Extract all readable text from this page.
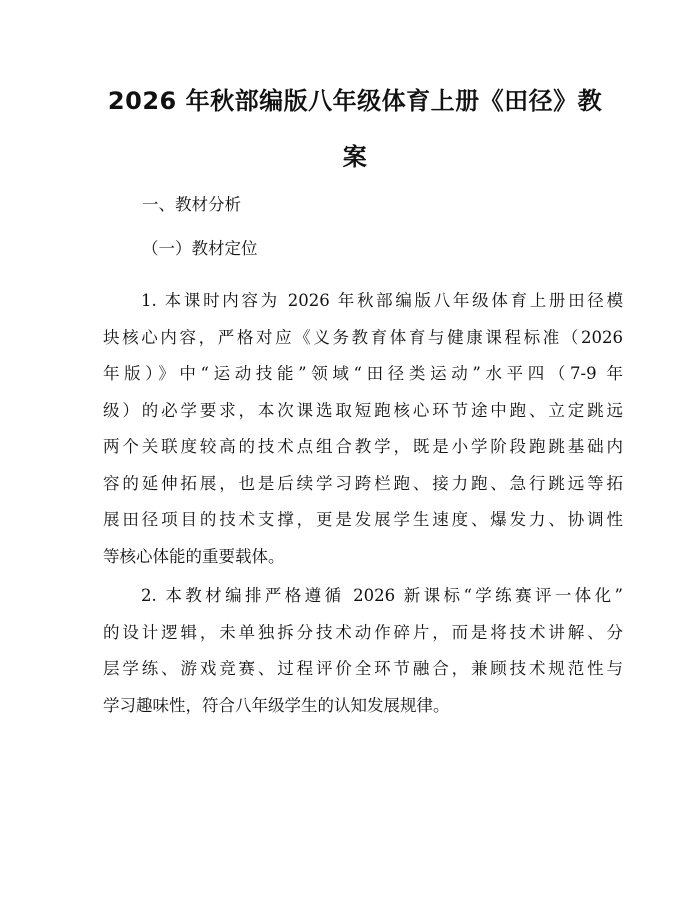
2026 年秋部编版八年级体育上册《田径》教
案
一、教材分析
（一）教材定位
1. 本课时内容为 2026 年秋部编版八年级体育上册田径模
块核心内容，严格对应《义务教育体育与健康课程标准（2026
年版）》中“运动技能”领域“田径类运动”水平四（7-9 年
级）的必学要求，本次课选取短跑核心环节途中跑、立定跳远
两个关联度较高的技术点组合教学，既是小学阶段跑跳基础内
容的延伸拓展，也是后续学习跨栏跑、接力跑、急行跳远等拓
展田径项目的技术支撑，更是发展学生速度、爆发力、协调性
等核心体能的重要载体。
2. 本教材编排严格遵循 2026 新课标“学练赛评一体化”
的设计逻辑，未单独拆分技术动作碎片，而是将技术讲解、分
层学练、游戏竞赛、过程评价全环节融合，兼顾技术规范性与
学习趣味性，符合八年级学生的认知发展规律。
